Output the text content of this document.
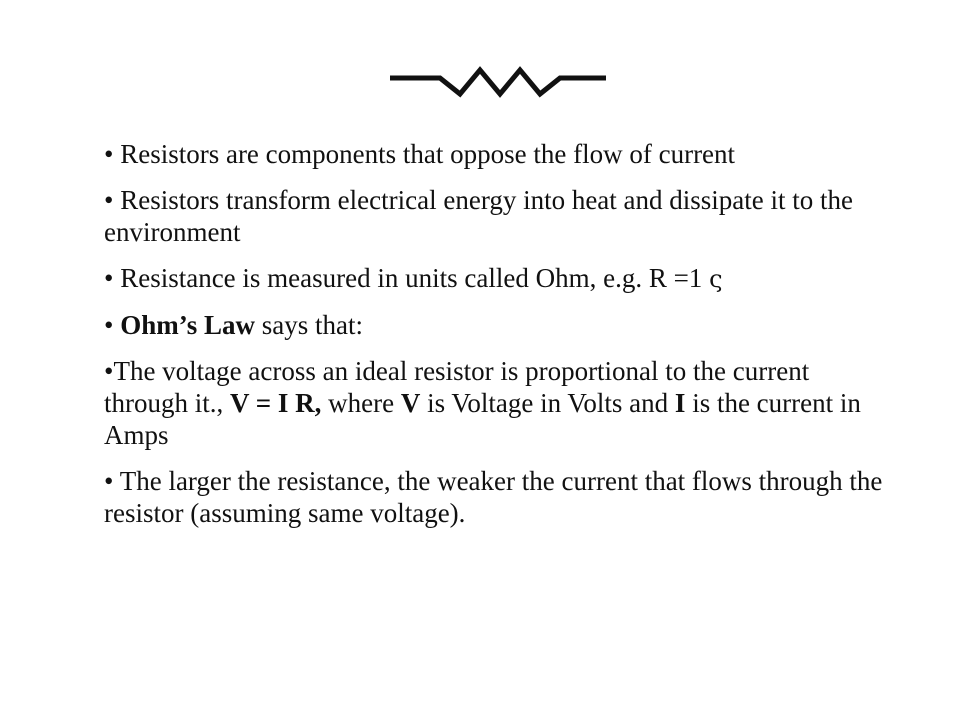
• Resistors are components that oppose the flow of current

• Resistors transform electrical energy into heat and dissipate it to the environment

• Resistance is measured in units called Ohm, e.g. R =1 ς

• Ohm’s Law says that:

•The voltage across an ideal resistor is proportional to the current through it., V = I R, where V is Voltage in Volts and I is the current in Amps

• The larger the resistance, the weaker the current that flows through the resistor (assuming same voltage).
